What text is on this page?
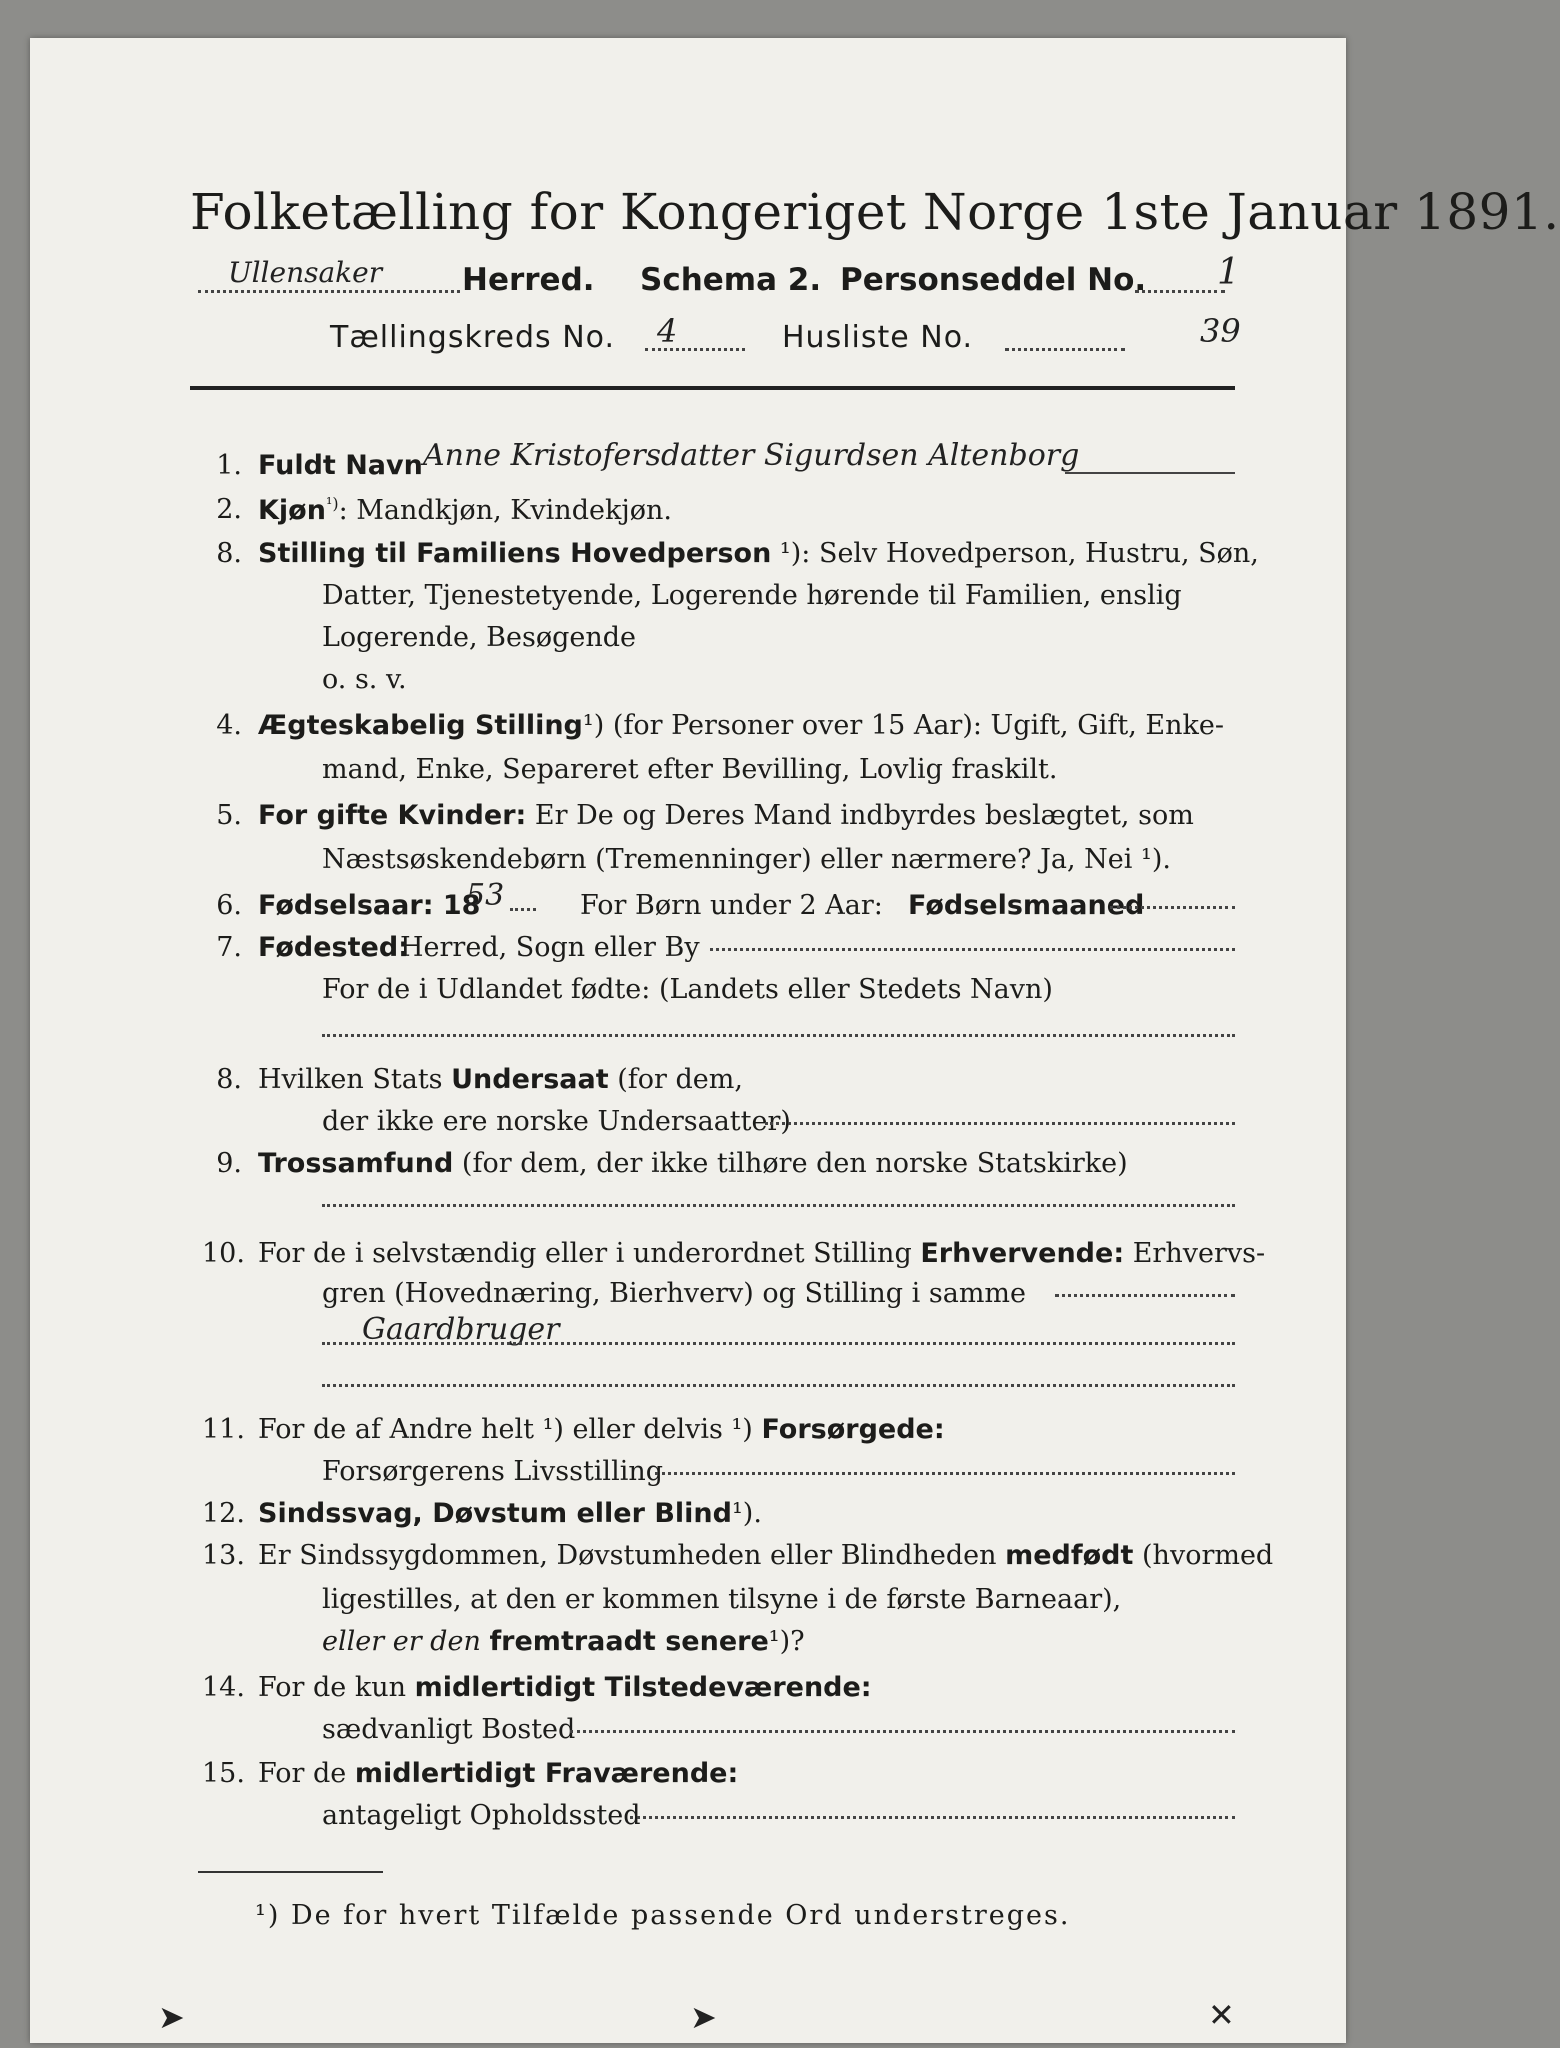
Folketælling for Kongeriget Norge 1ste Januar 1891.
Ullensaker	Herred. Schema 2. Personseddel No. 1
Tællingskreds No. 4	Husliste No.	39
1. Fuldt Navn Anne Kristofersdatter Sigurdsen Altenborg
2. Kjøn$^{^1)}$: Mandkjøn, Kvindekjøn.
8. Stilling til Familiens Hovedperson ¹): Selv Hovedperson, Hustru, Søn,
Datter, Tjenestetyende, Logerende hørende til Familien, enslig
Logerende, Besøgende
o. s. v.
4. Ægteskabelig Stilling¹) (for Personer over 15 Aar): Ugift, Gift, Enke-
mand, Enke, Separeret efter Bevilling, Lovlig fraskilt.
5. For gifte Kvinder: Er De og Deres Mand indbyrdes beslægtet, som
Næstsøskendebørn (Tremenninger) eller nærmere? Ja, Nei ¹).
6. Fødselsaar: 18
53	For Børn under 2 Aar: Fødselsmaaned
7. Fødested:
Herred, Sogn eller By
For de i Udlandet fødte: (Landets eller Stedets Navn)
8. Hvilken Stats Undersaat (for dem,
der ikke ere norske Undersaatter)
9. Trossamfund (for dem, der ikke tilhøre den norske Statskirke)
10. For de i selvstændig eller i underordnet Stilling Erhvervende: Erhvervs-
gren (Hovednæring, Bierhverv) og Stilling i samme
Gaardbruger
11. For de af Andre helt ¹) eller delvis ¹) Forsørgede:
Forsørgerens Livsstilling
12. Sindssvag, Døvstum eller Blind¹).
13. Er Sindssygdommen, Døvstumheden eller Blindheden medfødt (hvormed
ligestilles, at den er kommen tilsyne i de første Barneaar),
eller er den fremtraadt senere¹)?
14. For de kun midlertidigt Tilstedeværende:
sædvanligt Bosted
15. For de midlertidigt Fraværende:
antageligt Opholdssted
¹) De for hvert Tilfælde passende Ord understreges.
➤	➤	✕
